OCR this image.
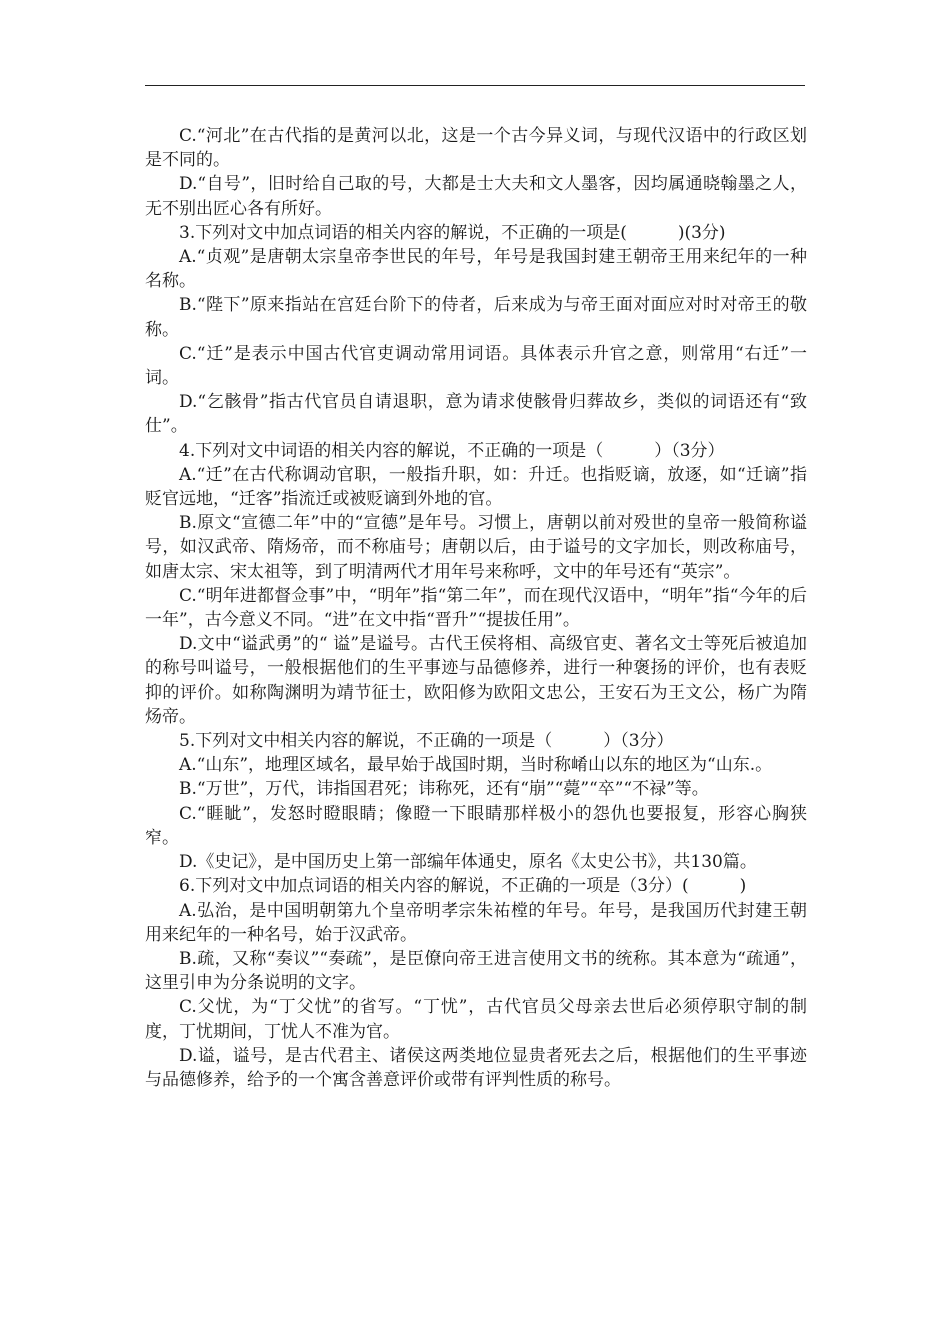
C.“河北”在古代指的是黄河以北，这是一个古今异义词，与现代汉语中的行政区划是不同的。

D.“自号”，旧时给自己取的号，大都是士大夫和文人墨客，因均属通晓翰墨之人，无不别出匠心各有所好。

3.下列对文中加点词语的相关内容的解说，不正确的一项是(　　　)(3分)

A.“贞观”是唐朝太宗皇帝李世民的年号，年号是我国封建王朝帝王用来纪年的一种名称。

B.“陛下”原来指站在宫廷台阶下的侍者，后来成为与帝王面对面应对时对帝王的敬称。

C.“迁”是表示中国古代官吏调动常用词语。具体表示升官之意，则常用“右迁”一词。

D.“乞骸骨”指古代官员自请退职，意为请求使骸骨归葬故乡，类似的词语还有“致仕”。

4.下列对文中词语的相关内容的解说，不正确的一项是（　　　）（3分）

A.“迁”在古代称调动官职，一般指升职，如：升迁。也指贬谪，放逐，如“迁谪”指贬官远地，“迁客”指流迁或被贬谪到外地的官。

B.原文“宣德二年”中的“宣德”是年号。习惯上，唐朝以前对殁世的皇帝一般简称谥号，如汉武帝、隋炀帝，而不称庙号；唐朝以后，由于谥号的文字加长，则改称庙号，如唐太宗、宋太祖等，到了明清两代才用年号来称呼，文中的年号还有“英宗”。

C.“明年进都督佥事”中，“明年”指“第二年”，而在现代汉语中，“明年”指“今年的后一年”，古今意义不同。“进”在文中指“晋升”“提拔任用”。

D.文中“谥武勇”的“ 谥”是谥号。古代王侯将相、高级官吏、著名文士等死后被追加的称号叫谥号，一般根据他们的生平事迹与品德修养，进行一种褒扬的评价，也有表贬抑的评价。如称陶渊明为靖节征士，欧阳修为欧阳文忠公，王安石为王文公，杨广为隋炀帝。

5.下列对文中相关内容的解说，不正确的一项是（　　　）（3分）

A.“山东”，地理区域名，最早始于战国时期，当时称崤山以东的地区为“山东.。

B.“万世”，万代，讳指国君死；讳称死，还有“崩”“薨”“卒”“不禄”等。

C.“睚眦”，发怒时瞪眼睛；像瞪一下眼睛那样极小的怨仇也要报复，形容心胸狭窄。

D.《史记》，是中国历史上第一部编年体通史，原名《太史公书》，共130篇。

6.下列对文中加点词语的相关内容的解说，不正确的一项是（3分）(　　　)

A.弘治，是中国明朝第九个皇帝明孝宗朱祐樘的年号。年号，是我国历代封建王朝用来纪年的一种名号，始于汉武帝。

B.疏，又称“奏议”“奏疏”，是臣僚向帝王进言使用文书的统称。其本意为“疏通”，这里引申为分条说明的文字。

C.父忧，为“丁父忧”的省写。“丁忧”，古代官员父母亲去世后必须停职守制的制度，丁忧期间，丁忧人不准为官。

D.谥，谥号，是古代君主、诸侯这两类地位显贵者死去之后，根据他们的生平事迹与品德修养，给予的一个寓含善意评价或带有评判性质的称号。
